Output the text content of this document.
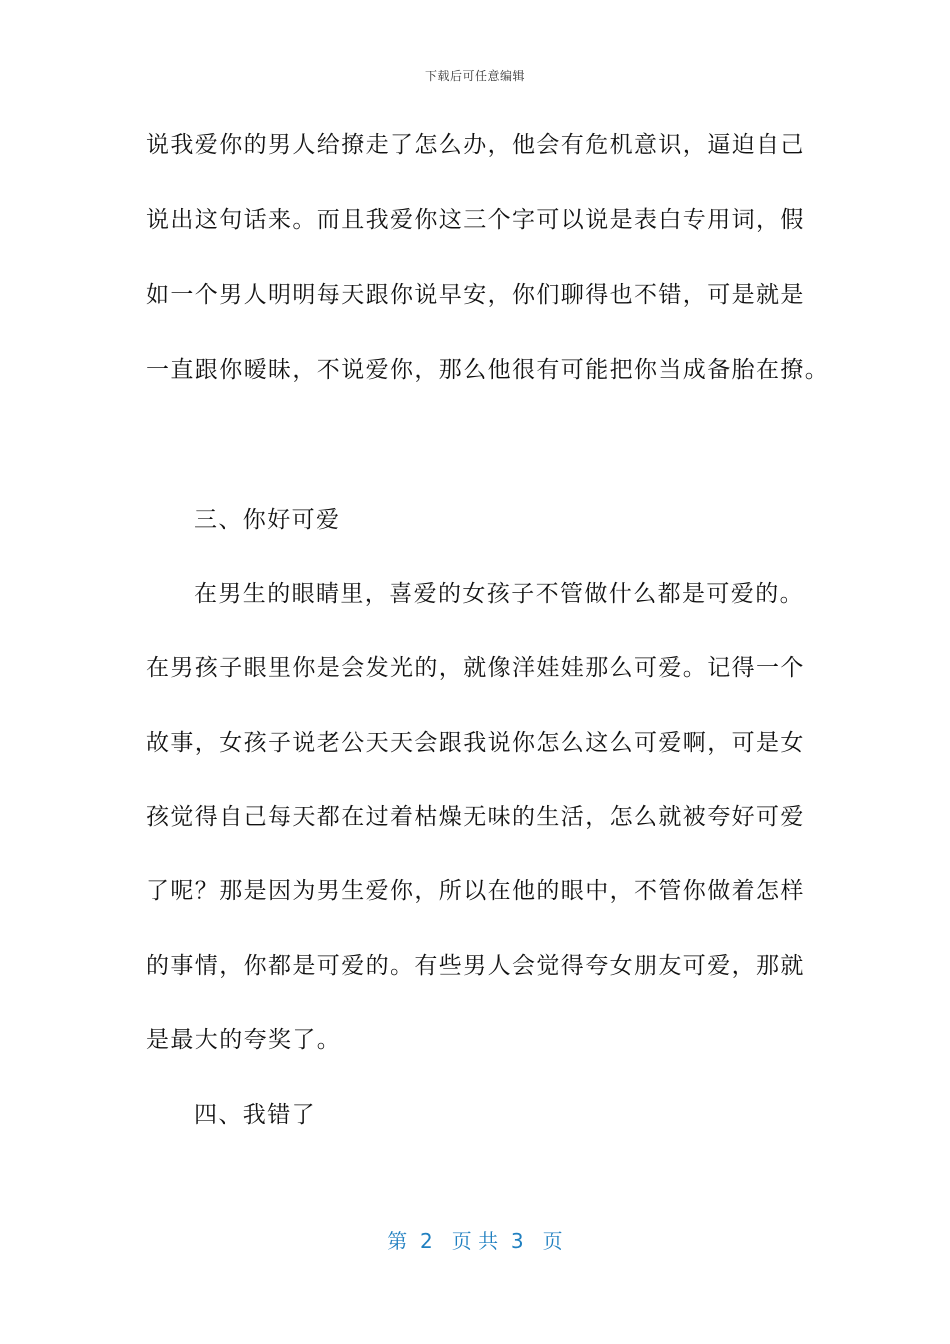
下载后可任意编辑
说我爱你的男人给撩走了怎么办，他会有危机意识，逼迫自己
说出这句话来。而且我爱你这三个字可以说是表白专用词，假
如一个男人明明每天跟你说早安，你们聊得也不错，可是就是
一直跟你暧昧，不说爱你，那么他很有可能把你当成备胎在撩。
三、你好可爱
在男生的眼睛里，喜爱的女孩子不管做什么都是可爱的。
在男孩子眼里你是会发光的，就像洋娃娃那么可爱。记得一个
故事，女孩子说老公天天会跟我说你怎么这么可爱啊，可是女
孩觉得自己每天都在过着枯燥无味的生活，怎么就被夸好可爱
了呢？那是因为男生爱你，所以在他的眼中，不管你做着怎样
的事情，你都是可爱的。有些男人会觉得夸女朋友可爱，那就
是最大的夸奖了。
四、我错了
第  2   页 共  3   页
